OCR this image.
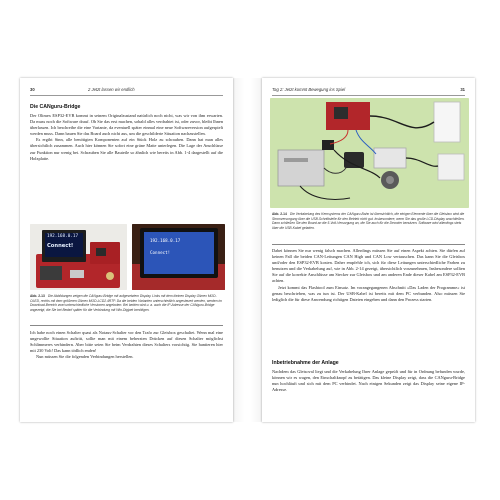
30	2 Jetzt lassen wir endlich
Die CANguru-Bridge

Der Olimex ESP32-EVB kommt in seinem Originalzustand natürlich noch nicht, was wir von ihm erwarten. Da muss noch die Software drauf. Ob Sie das erst machen, sobald alles verdrahtet ist, oder zuvor, bleibt Ihnen überlassen. Ich beschreibe die eine Variante, da eventuell später einmal eine neue Softwareversion aufgespielt werden muss. Dann bauen Sie das Board auch nicht aus, um die geschilderte Situation nachzustellen.

Es ergibt Sinn, alle benötigten Komponenten auf ein Stück Holz zu schrauben. Dann hat man alles übersichtlich zusammen. Auch hier können Sie sofort eine grüne Matte unterlegen. Die Lage der Anschlüsse zur Funktion nur wenig bei. Schrauben Sie alle Bauteile so ähnlich wie bereits in Abb. 1-4 dargestellt auf die Holzplatte.

192.168.0.17
Connect!
192.168.0.17
Connect!
Abb. 2-13 Die Abbildungen zeigen die CANguru-Bridge mit aufgesetztem Display. Links mit dem kleinen Display Olimex MOD-OLED, rechts mit dem größeren Olimex MOD-LCD2.4RTP. Da die beiden Varianten unterschiedlich angesteuert werden, werden im Download-Bereich zwei unterschiedliche Versionen angeboten. Bei beiden wird u. a. auch die IP-Adresse der CANguru-Bridge angezeigt, die Sie bei Bedarf später für die Verbindung mit Win-Digipet benötigen.

Ich habe noch einen Schalter quasi als Notaus-Schalter vor den Trafo zur Gleisbox geschaltet. Wenn mal eine ungewollte Situation auftritt, sollte man mit einem beherzten Drücken auf diesen Schalter möglichst Schlimmeres verhindern. Aber bitte seien Sie beim Verdrahten dieses Schalters vorsichtig. Sie hantieren hier mit 230 Volt! Das kann tödlich enden!

Nun müssen Sie die folgenden Verbindungen herstellen.

Tag 2: Jetzt kommt Bewegung ins Spiel	31
Abb. 2-14 Die Verkabelung des Kernsystems der CANguru-Bahn ist übersichtlich, die einigen Elemente über die Gleisbox wird die Stromversorgung über die USB-Schnittstelle für den Betrieb nicht gut. Insbesondere, wenn Sie das große LCD-Display anschließen. Dann schließen Sie den Board an die 5-Volt-Versorgung an, die Sie auch für die Decoder benutzen. Software wird allerdings stets über die USB-Kabel geladen.

Dabei können Sie nur wenig falsch machen. Allerdings müssen Sie auf einen Aspekt achten. Sie dürfen auf keinen Fall die beiden CAN-Leitungen CAN High und CAN Low vertauschen. Das kann Sie die Gleisbox und/oder den ESP32-EVB kosten. Daher empfehle ich, sich für diese Leitungen unterschiedliche Farben zu benutzen und die Verkabelung auf, wie in Abb. 2-14 gezeigt, übersichtlich vorzunehmen, Insbesondere sollten Sie auf die korrekte Anschlüsse am Stecker zur Gleisbox und am anderen Ende dieser Kabel am ESP32-EVB achten.

Jetzt kommt das Flashtool zum Einsatz. Im vorangegangenen Abschnitt »Das Laden der Programme« ist genau beschrieben, was zu tun ist. Der USB-Kabel ist bereits mit dem PC verbunden. Also müssen Sie lediglich die für diese Anwendung richtigen Dateien eingeben und dann den Prozess starten.

Inbetriebnahme der Anlage

Nachdem das Gleisoval liegt und die Verkabelung Ihrer Anlage geprüft und für in Ordnung befunden wurde, können wir es wagen, den Einschaltknopf zu betätigen. Das kleine Display zeigt, dass die CANguru-Bridge nun hochläuft und sich mit dem PC verbindet. Nach einigen Sekunden zeigt das Display seine eigene IP-Adresse.
